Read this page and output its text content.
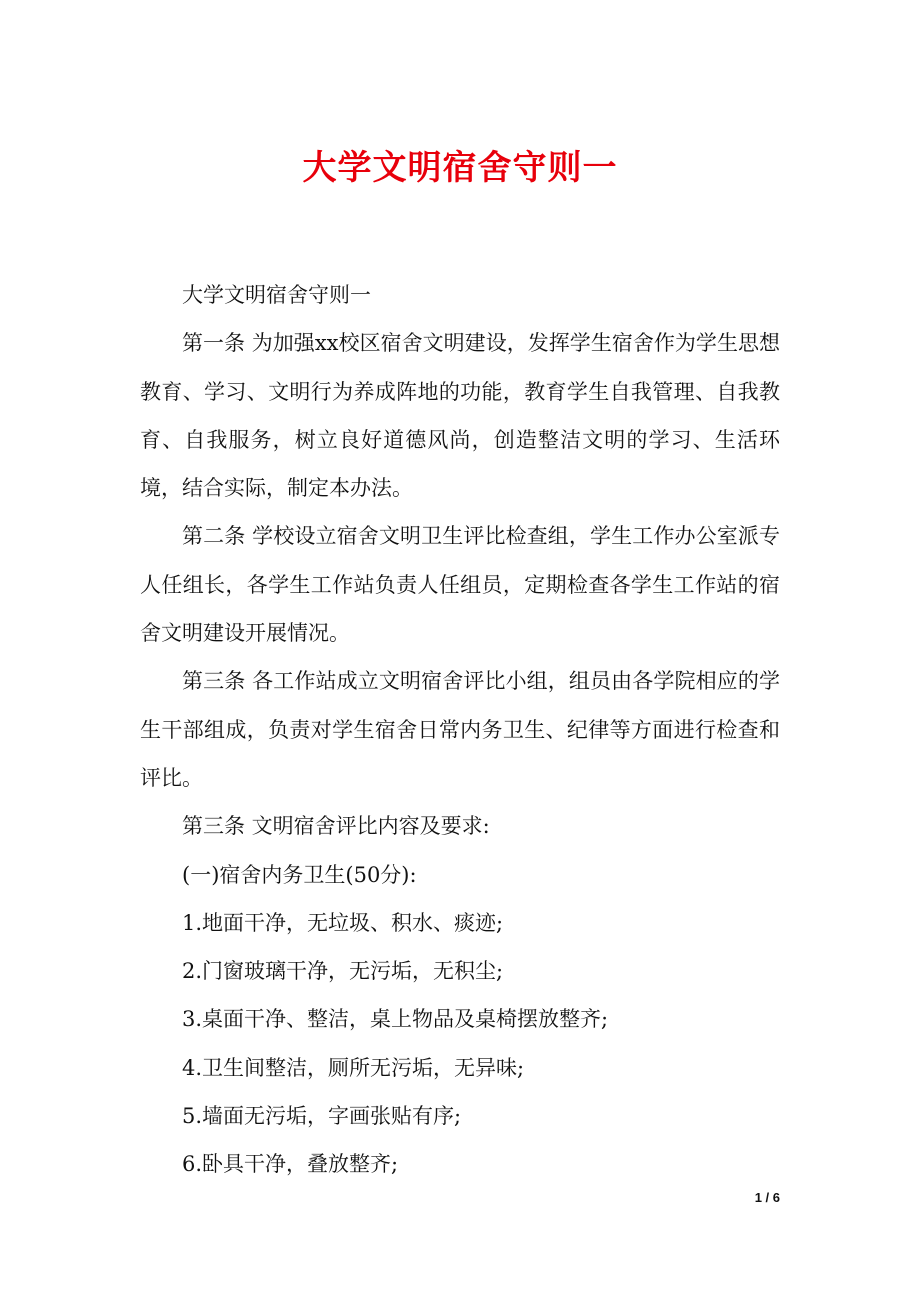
大学文明宿舍守则一

大学文明宿舍守则一

第一条 为加强xx校区宿舍文明建设，发挥学生宿舍作为学生思想教育、学习、文明行为养成阵地的功能，教育学生自我管理、自我教育、自我服务，树立良好道德风尚，创造整洁文明的学习、生活环境，结合实际，制定本办法。

第二条 学校设立宿舍文明卫生评比检查组，学生工作办公室派专人任组长，各学生工作站负责人任组员，定期检查各学生工作站的宿舍文明建设开展情况。

第三条 各工作站成立文明宿舍评比小组，组员由各学院相应的学生干部组成，负责对学生宿舍日常内务卫生、纪律等方面进行检查和评比。

第三条 文明宿舍评比内容及要求:

(一)宿舍内务卫生(50分):

1.地面干净，无垃圾、积水、痰迹;

2.门窗玻璃干净，无污垢，无积尘;

3.桌面干净、整洁，桌上物品及桌椅摆放整齐;

4.卫生间整洁，厕所无污垢，无异味;

5.墙面无污垢，字画张贴有序;

6.卧具干净，叠放整齐;

1 / 6
